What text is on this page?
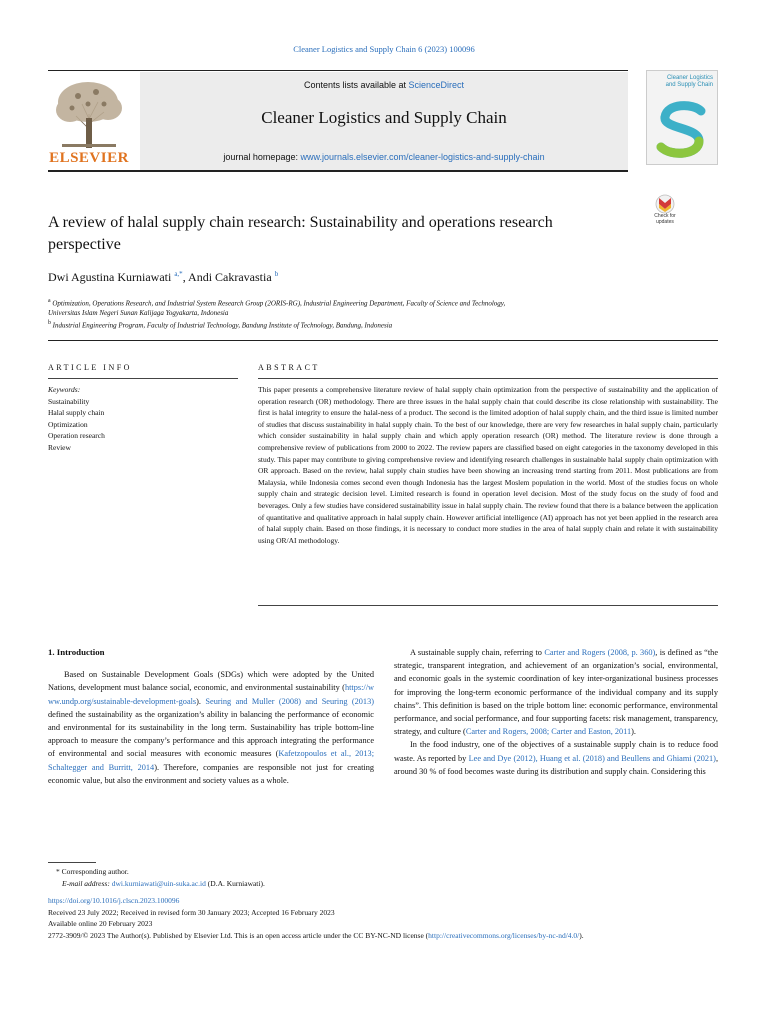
Cleaner Logistics and Supply Chain 6 (2023) 100096
ELSEVIER
Contents lists available at ScienceDirect
Cleaner Logistics and Supply Chain
journal homepage: www.journals.elsevier.com/cleaner-logistics-and-supply-chain
Cleaner Logistics and Supply Chain
Check for updates
A review of halal supply chain research: Sustainability and operations research perspective
Dwi Agustina Kurniawati $^{a,*}$, Andi Cakravastia $^b$
$^a$ Optimization, Operations Research, and Industrial System Research Group (2ORIS-RG), Industrial Engineering Department, Faculty of Science and Technology,
Universitas Islam Negeri Sunan Kalijaga Yogyakarta, Indonesia
$^b$ Industrial Engineering Program, Faculty of Industrial Technology, Bandung Institute of Technology, Bandung, Indonesia
ARTICLE INFO
Keywords:
Sustainability
Halal supply chain
Optimization
Operation research
Review
ABSTRACT
This paper presents a comprehensive literature review of halal supply chain optimization from the perspective of sustainability and the application of operation research (OR) methodology. There are three issues in the halal supply chain that could describe its close relationship with sustainability. The first is halal integrity to ensure the halal-ness of a product. The second is the limited adoption of halal supply chain, and the third issue is limited number of studies that discuss sustainability in halal supply chain. To the best of our knowledge, there are very few researches in halal supply chain, particularly which consider sustainability in halal supply chain and which apply operation research (OR) method. The literature review is done through a comprehensive review of publications from 2000 to 2022. The review papers are classified based on eight categories in the taxonomy developed in this study. This paper may contribute to giving comprehensive review and identifying research challenges in sustainable halal supply chain optimization with OR approach. Based on the review, halal supply chain studies have been showing an increasing trend starting from 2011. Most publications are from Malaysia, while Indonesia comes second even though Indonesia has the largest Moslem population in the world. Most of the studies focus on whole supply chain and strategic decision level. Limited research is found in operation level decision. Most of the study focus on the study of food and beverages. Only a few studies have considered sustainability issue in halal supply chain. The review found that there is a balance between the application of quantitative and qualitative approach in halal supply chain. However artificial intelligence (AI) approach has not yet been applied in the research area of halal supply chain. Based on those findings, it is necessary to conduct more studies in the area of halal supply chain and relate it with sustainability using OR/AI methodology.
1. Introduction

Based on Sustainable Development Goals (SDGs) which were adopted by the United Nations, development must balance social, economic, and environmental sustainability (https://www.undp.org/sustainable-development-goals). Seuring and Muller (2008) and Seuring (2013) defined the sustainability as the organization’s ability in balancing the performance of economic and environmental for its sustainability in the long term. Sustainability has triple bottom-line approach to measure the company’s performance and this approach integrating the performance of environmental and social measures with economic measures (Kafetzopoulos et al., 2013; Schaltegger and Burritt, 2014). Therefore, companies are responsible not just for creating economic value, but also the environment and society values as a whole.

A sustainable supply chain, referring to Carter and Rogers (2008, p. 360), is defined as “the strategic, transparent integration, and achievement of an organization’s social, environmental, and economic goals in the systemic coordination of key inter-organizational business processes for improving the long-term economic performance of the individual company and its supply chains”. This definition is based on the triple bottom line: economic performance, environmental performance, and social performance, and four supporting facets: risk management, transparency, strategy, and culture (Carter and Rogers, 2008; Carter and Easton, 2011).

In the food industry, one of the objectives of a sustainable supply chain is to reduce food waste. As reported by Lee and Dye (2012), Huang et al. (2018) and Beullens and Ghiami (2021), around 30 % of food becomes waste during its distribution and supply chain. Considering this

* Corresponding author.
E-mail address: dwi.kurniawati@uin-suka.ac.id (D.A. Kurniawati).
https://doi.org/10.1016/j.clscn.2023.100096
Received 23 July 2022; Received in revised form 30 January 2023; Accepted 16 February 2023
Available online 20 February 2023
2772-3909/© 2023 The Author(s). Published by Elsevier Ltd. This is an open access article under the CC BY-NC-ND license (http://creativecommons.org/licenses/by-nc-nd/4.0/).
